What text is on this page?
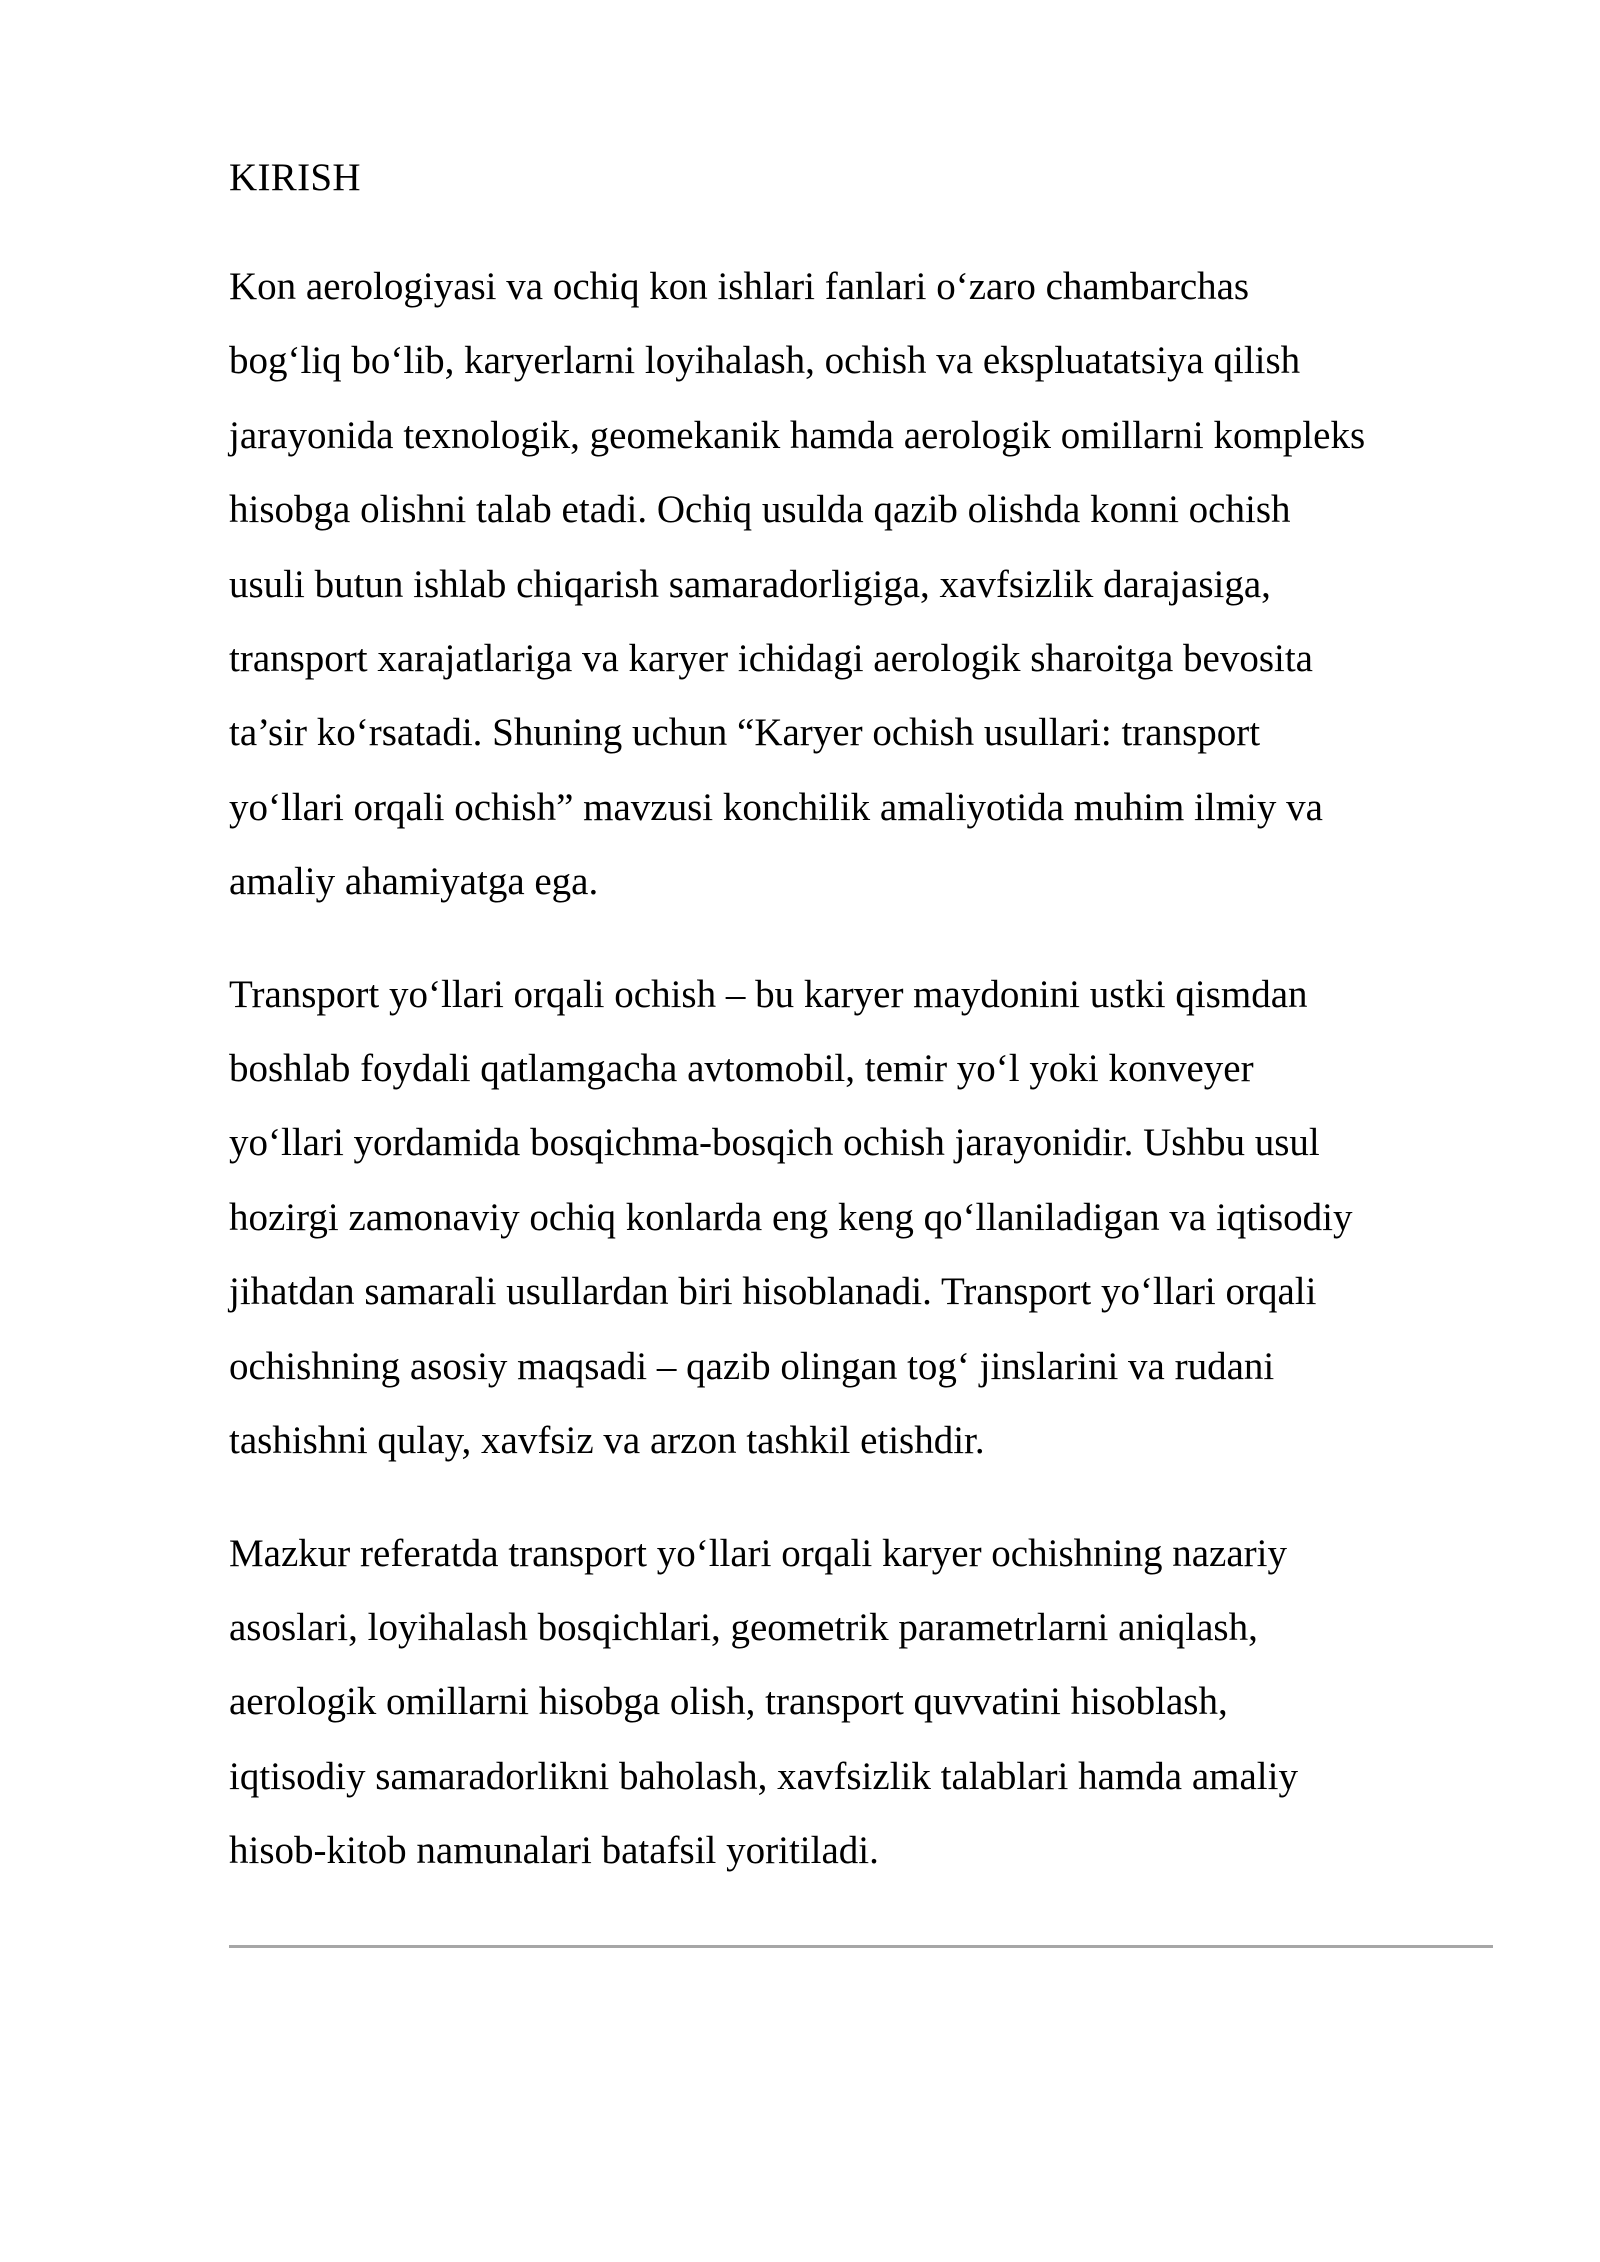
KIRISH

Kon aerologiyasi va ochiq kon ishlari fanlari o‘zaro chambarchas
bog‘liq bo‘lib, karyerlarni loyihalash, ochish va ekspluatatsiya qilish
jarayonida texnologik, geomekanik hamda aerologik omillarni kompleks
hisobga olishni talab etadi. Ochiq usulda qazib olishda konni ochish
usuli butun ishlab chiqarish samaradorligiga, xavfsizlik darajasiga,
transport xarajatlariga va karyer ichidagi aerologik sharoitga bevosita
ta’sir ko‘rsatadi. Shuning uchun “Karyer ochish usullari: transport
yo‘llari orqali ochish” mavzusi konchilik amaliyotida muhim ilmiy va
amaliy ahamiyatga ega.

Transport yo‘llari orqali ochish – bu karyer maydonini ustki qismdan
boshlab foydali qatlamgacha avtomobil, temir yo‘l yoki konveyer
yo‘llari yordamida bosqichma-bosqich ochish jarayonidir. Ushbu usul
hozirgi zamonaviy ochiq konlarda eng keng qo‘llaniladigan va iqtisodiy
jihatdan samarali usullardan biri hisoblanadi. Transport yo‘llari orqali
ochishning asosiy maqsadi – qazib olingan tog‘ jinslarini va rudani
tashishni qulay, xavfsiz va arzon tashkil etishdir.

Mazkur referatda transport yo‘llari orqali karyer ochishning nazariy
asoslari, loyihalash bosqichlari, geometrik parametrlarni aniqlash,
aerologik omillarni hisobga olish, transport quvvatini hisoblash,
iqtisodiy samaradorlikni baholash, xavfsizlik talablari hamda amaliy
hisob-kitob namunalari batafsil yoritiladi.
